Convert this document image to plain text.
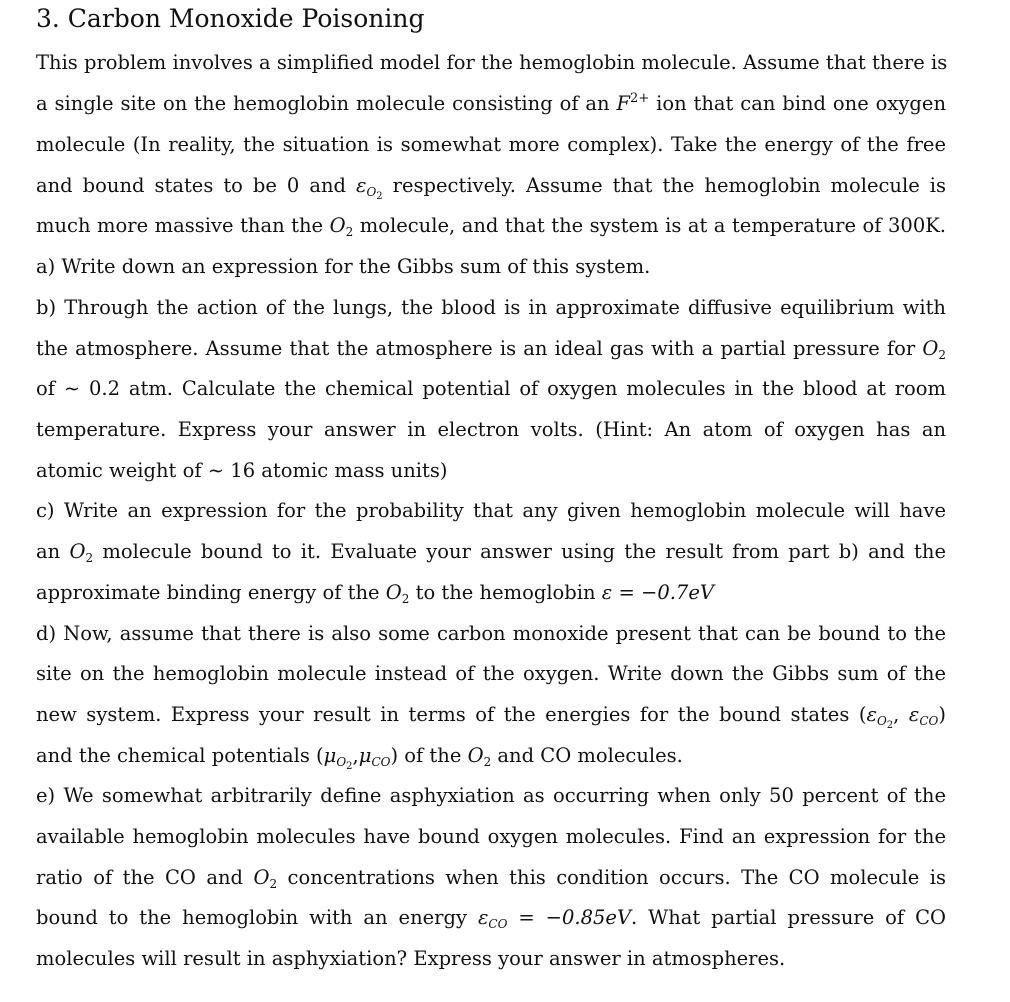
3. Carbon Monoxide Poisoning
This problem involves a simplified model for the hemoglobin molecule. Assume that there is
a single site on the hemoglobin molecule consisting of an $F^{2+}$ ion that can bind one oxygen
molecule (In reality, the situation is somewhat more complex). Take the energy of the free
and bound states to be 0 and $\varepsilon_{O_2}$ respectively. Assume that the hemoglobin molecule is
much more massive than the $O_2$ molecule, and that the system is at a temperature of 300K.
a) Write down an expression for the Gibbs sum of this system.
b) Through the action of the lungs, the blood is in approximate diffusive equilibrium with
the atmosphere. Assume that the atmosphere is an ideal gas with a partial pressure for $O_2$
of ∼ 0.2 atm. Calculate the chemical potential of oxygen molecules in the blood at room
temperature. Express your answer in electron volts. (Hint: An atom of oxygen has an
atomic weight of ∼ 16 atomic mass units)
c) Write an expression for the probability that any given hemoglobin molecule will have
an $O_2$ molecule bound to it. Evaluate your answer using the result from part b) and the
approximate binding energy of the $O_2$ to the hemoglobin ε = −0.7eV
d) Now, assume that there is also some carbon monoxide present that can be bound to the
site on the hemoglobin molecule instead of the oxygen. Write down the Gibbs sum of the
new system. Express your result in terms of the energies for the bound states ($\varepsilon_{O_2}$, $\varepsilon_{CO}$)
and the chemical potentials $(\mu_{O_2},\mu_{CO})$ of the $O_2$ and CO molecules.
e) We somewhat arbitrarily define asphyxiation as occurring when only 50 percent of the
available hemoglobin molecules have bound oxygen molecules. Find an expression for the
ratio of the CO and $O_2$ concentrations when this condition occurs. The CO molecule is
bound to the hemoglobin with an energy $\varepsilon_{CO} = -0.85eV$. What partial pressure of CO
molecules will result in asphyxiation? Express your answer in atmospheres.
